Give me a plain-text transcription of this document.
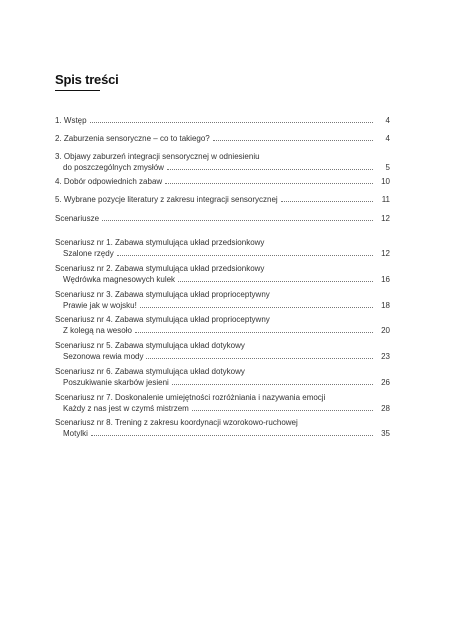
Spis treści
1. Wstęp	4
2. Zaburzenia sensoryczne – co to takiego?	4
3. Objawy zaburzeń integracji sensorycznej w odniesieniu
do poszczególnych zmysłów	5
4. Dobór odpowiednich zabaw	10
5. Wybrane pozycje literatury z zakresu integracji sensorycznej	11
Scenariusze	12
Scenariusz nr 1. Zabawa stymulująca układ przedsionkowy
Szalone rzędy	12
Scenariusz nr 2. Zabawa stymulująca układ przedsionkowy
Wędrówka magnesowych kulek	16
Scenariusz nr 3. Zabawa stymulująca układ proprioceptywny
Prawie jak w wojsku!	18
Scenariusz nr 4. Zabawa stymulująca układ proprioceptywny
Z kolegą na wesoło	20
Scenariusz nr 5. Zabawa stymulująca układ dotykowy
Sezonowa rewia mody	23
Scenariusz nr 6. Zabawa stymulująca układ dotykowy
Poszukiwanie skarbów jesieni	26
Scenariusz nr 7. Doskonalenie umiejętności rozróżniania i nazywania emocji
Każdy z nas jest w czymś mistrzem	28
Scenariusz nr 8. Trening z zakresu koordynacji wzorokowo-ruchowej
Motylki	35
